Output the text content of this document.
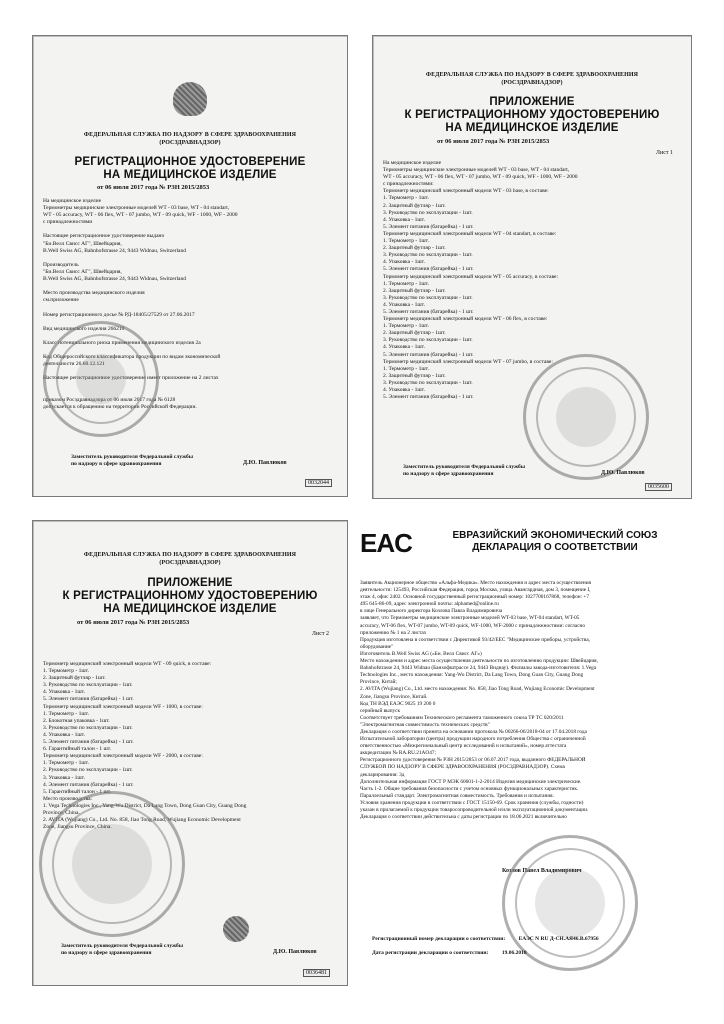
ФЕДЕРАЛЬНАЯ СЛУЖБА ПО НАДЗОРУ В СФЕРЕ ЗДРАВООХРАНЕНИЯ
(РОСЗДРАВНАДЗОР)
РЕГИСТРАЦИОННОЕ УДОСТОВЕРЕНИЕ
НА МЕДИЦИНСКОЕ ИЗДЕЛИЕ
от 06 июля 2017 года № РЗН 2015/2853
На медицинское изделие
Термометры медицинские электронные моделей WT - 03 base, WT - 04 standart,
WT - 05 accuracy, WT - 06 flex, WT - 07 jumbo, WT - 09 quick, WF - 1000, WF - 2000
с принадлежностями

Настоящее регистрационное удостоверение выдано
"Би.Велл Свисс АГ", Швейцария,
B.Well Swiss AG, Bahnhofstrasse 24, 9443 Widnau, Switzerland

Производитель
"Би.Велл Свисс АГ", Швейцария,
B.Well Swiss AG, Bahnhofstrasse 24, 9443 Widnau, Switzerland

Место производства медицинского изделия
см.приложение

Номер регистрационного досье № РД-18405/27529 от 27.06.2017

Вид медицинского изделия 266210

Класс потенциального риска применения медицинского изделия 2а

Код Общероссийского классификатора продукции по видам экономической
деятельности 26.60.12.121

Настоящее регистрационное удостоверение имеет приложение на 2 листах

приказом Росздравнадзора от 06 июля 2017 года № 6128
допускается к обращению на территории Российской Федерации.
Заместитель руководителя Федеральной службы
по надзору в сфере здравоохранения	Д.Ю. Павлюков
0032044
ФЕДЕРАЛЬНАЯ СЛУЖБА ПО НАДЗОРУ В СФЕРЕ ЗДРАВООХРАНЕНИЯ
(РОСЗДРАВНАДЗОР)
ПРИЛОЖЕНИЕ
К РЕГИСТРАЦИОННОМУ УДОСТОВЕРЕНИЮ
НА МЕДИЦИНСКОЕ ИЗДЕЛИЕ
от 06 июля 2017 года № РЗН 2015/2853
Лист 1
На медицинское изделие
Термометры медицинские электронные моделей WT - 03 base, WT - 04 standart,
WT - 05 accuracy, WT - 06 flex, WT - 07 jumbo, WT - 09 quick, WF - 1000, WF - 2000
с принадлежностями:
Термометр медицинский электронный модели WT - 03 base, в составе:
1. Термометр - 1шт.
2. Защитный футляр - 1шт.
3. Руководство по эксплуатации - 1шт.
4. Упаковка - 1шт.
5. Элемент питания (батарейка) - 1 шт.
Термометр медицинский электронный модели WT - 04 standart, в составе:
1. Термометр - 1шт.
2. Защитный футляр - 1шт.
3. Руководство по эксплуатации - 1шт.
4. Упаковка - 1шт.
5. Элемент питания (батарейка) - 1 шт.
Термометр медицинский электронный модели WT - 05 accuracy, в составе:
1. Термометр - 1шт.
2. Защитный футляр - 1шт.
3. Руководство по эксплуатации - 1шт.
4. Упаковка - 1шт.
5. Элемент питания (батарейка) - 1 шт.
Термометр медицинский электронный модели WT - 06 flex, в составе:
1. Термометр - 1шт.
2. Защитный футляр - 1шт.
3. Руководство по эксплуатации - 1шт.
4. Упаковка - 1шт.
5. Элемент питания (батарейка) - 1 шт.
Термометр медицинский электронный модели WT - 07 jumbo, в составе:
1. Термометр - 1шт.
2. Защитный футляр - 1шт.
3. Руководство по эксплуатации - 1шт.
4. Упаковка - 1шт.
5. Элемент питания (батарейка) - 1 шт.
Заместитель руководителя Федеральной службы
по надзору в сфере здравоохранения	Д.Ю. Павлюков
0035600
ФЕДЕРАЛЬНАЯ СЛУЖБА ПО НАДЗОРУ В СФЕРЕ ЗДРАВООХРАНЕНИЯ
(РОСЗДРАВНАДЗОР)
ПРИЛОЖЕНИЕ
К РЕГИСТРАЦИОННОМУ УДОСТОВЕРЕНИЮ
НА МЕДИЦИНСКОЕ ИЗДЕЛИЕ
от 06 июля 2017 года № РЗН 2015/2853
Лист 2
Термометр медицинский электронный модели WT - 09 quick, в составе:
1. Термометр - 1шт.
2. Защитный футляр - 1шт.
3. Руководство по эксплуатации - 1шт.
4. Упаковка - 1шт.
5. Элемент питания (батарейка) - 1 шт.
Термометр медицинский электронный модели WF - 1000, в составе:
1. Термометр - 1шт.
2. Блокотная упаковка - 1шт.
3. Руководство по эксплуатации - 1шт.
4. Упаковка - 1шт.
5. Элемент питания (батарейка) - 1 шт.
6. Гарантийный талон - 1 шт.
Термометр медицинский электронный модели WF - 2000, в составе:
1. Термометр - 1шт.
2. Руководство по эксплуатации - 1шт.
3. Упаковка - 1шт.
4. Элемент питания (батарейка) - 1 шт.
5. Гарантийный талон - 1 шт.
Место производства:
1. Vega Technologies Inc., Yang-Wu District, Da Lang Town, Dong Guan City, Guang Dong
Province, China.
2. AVITA (Wujiang) Co., Ltd. No. 858, Jiao Tong Road, Wujiang Economic Development
Zone, Jiangsu Province, China.
Заместитель руководителя Федеральной службы
по надзору в сфере здравоохранения	Д.Ю. Павлюков
0036481
EAC	ЕВРАЗИЙСКИЙ ЭКОНОМИЧЕСКИЙ СОЮЗ
ДЕКЛАРАЦИЯ О СООТВЕТСТВИИ
Заявитель Акционерное общество «Альфа-Медика». Место нахождения и адрес места осуществления
деятельности: 125493, Российская Федерация, город Москва, улица Авангардная, дом 3, помещение I,
этаж 4, офис 2402. Основной государственный регистрационный номер: 1027700167868, телефон: +7
495 645-86-09, адрес электронной почты: alphamed@online.ru
в лице Генерального директора Козлова Павла Владимировича
заявляет, что Термометры медицинские электронные моделей WT-03 base, WT-04 standart, WT-05
accuracy, WT-06 flex, WT-07 jumbo, WT-09 quick, WF-1000, WF-2000 с принадлежностями: согласно
приложению № 1 на 2 листах
Продукция изготовлена в соответствии с Директивой 93/42/ЕЕС "Медицинские приборы, устройства,
оборудование"
Изготовитель B.Well Swiss AG («Би. Велл Свисс АГ»)
Место нахождения и адрес места осуществления деятельности по изготовлению продукции: Швейцария,
Bahnhofstrasse 24, 9443 Widnau (Банхофштрассе 24, 9443 Виднау). Филиалы завода-изготовителя: 1.Vega
Technologies Inc., место нахождения: Yang-Wu District, Da Lang Town, Dong Guan City, Guang Dong
Province, Китай;
2. AVITA (Wujiang) Co., Ltd. место нахождения: No. 858, Jiao Tong Road, Wujiang Economic Development
Zone, Jiangsu Province, Китай.
Код ТН ВЭД ЕАЭС 9025 19 200 0
серийный выпуск
Соответствует требованиям Технического регламента таможенного союза ТР ТС 020/2011
"Электромагнитная совместимость технических средств"
Декларация о соответствии принята на основании протокола № 00266-06/2018-04 от 17.04.2018 года
Испытательной лаборатории (центра) продукции народного потребления Общества с ограниченной
ответственностью «Межрегиональный центр исследований и испытаний», номер аттестата
аккредитации № RA.RU.21AO47;
Регистрационного удостоверения № РЗН 2015/2853 от 06.07.2017 года, выданного ФЕДЕРАЛЬНОЙ
СЛУЖБОЙ ПО НАДЗОРУ В СФЕРЕ ЗДРАВООХРАНЕНИЯ (РОСЗДРАВНАДЗОР). Схема
декларирования: 3д
Дополнительная информация ГОСТ Р МЭК 60601-1-2-2014 Изделия медицинские электрические.
Часть 1-2. Общие требования безопасности с учетом основных функциональных характеристик.
Параллельный стандарт. Электромагнитная совместимость. Требования и испытания.
Условия хранения продукции в соответствии с ГОСТ 15150-69. Срок хранения (службы, годности)
указан в прилагаемой к продукции товаросопроводительной и/или эксплуатационной документации.
Декларация о соответствии действительна с даты регистрации по 18.06.2021 включительно
Козлов Павел Владимирович
Регистрационный номер декларации о соответствии: ЕАЭС N RU Д-CH.АЯ46.В.67956
Дата регистрации декларации о соответствии: 19.06.2018
